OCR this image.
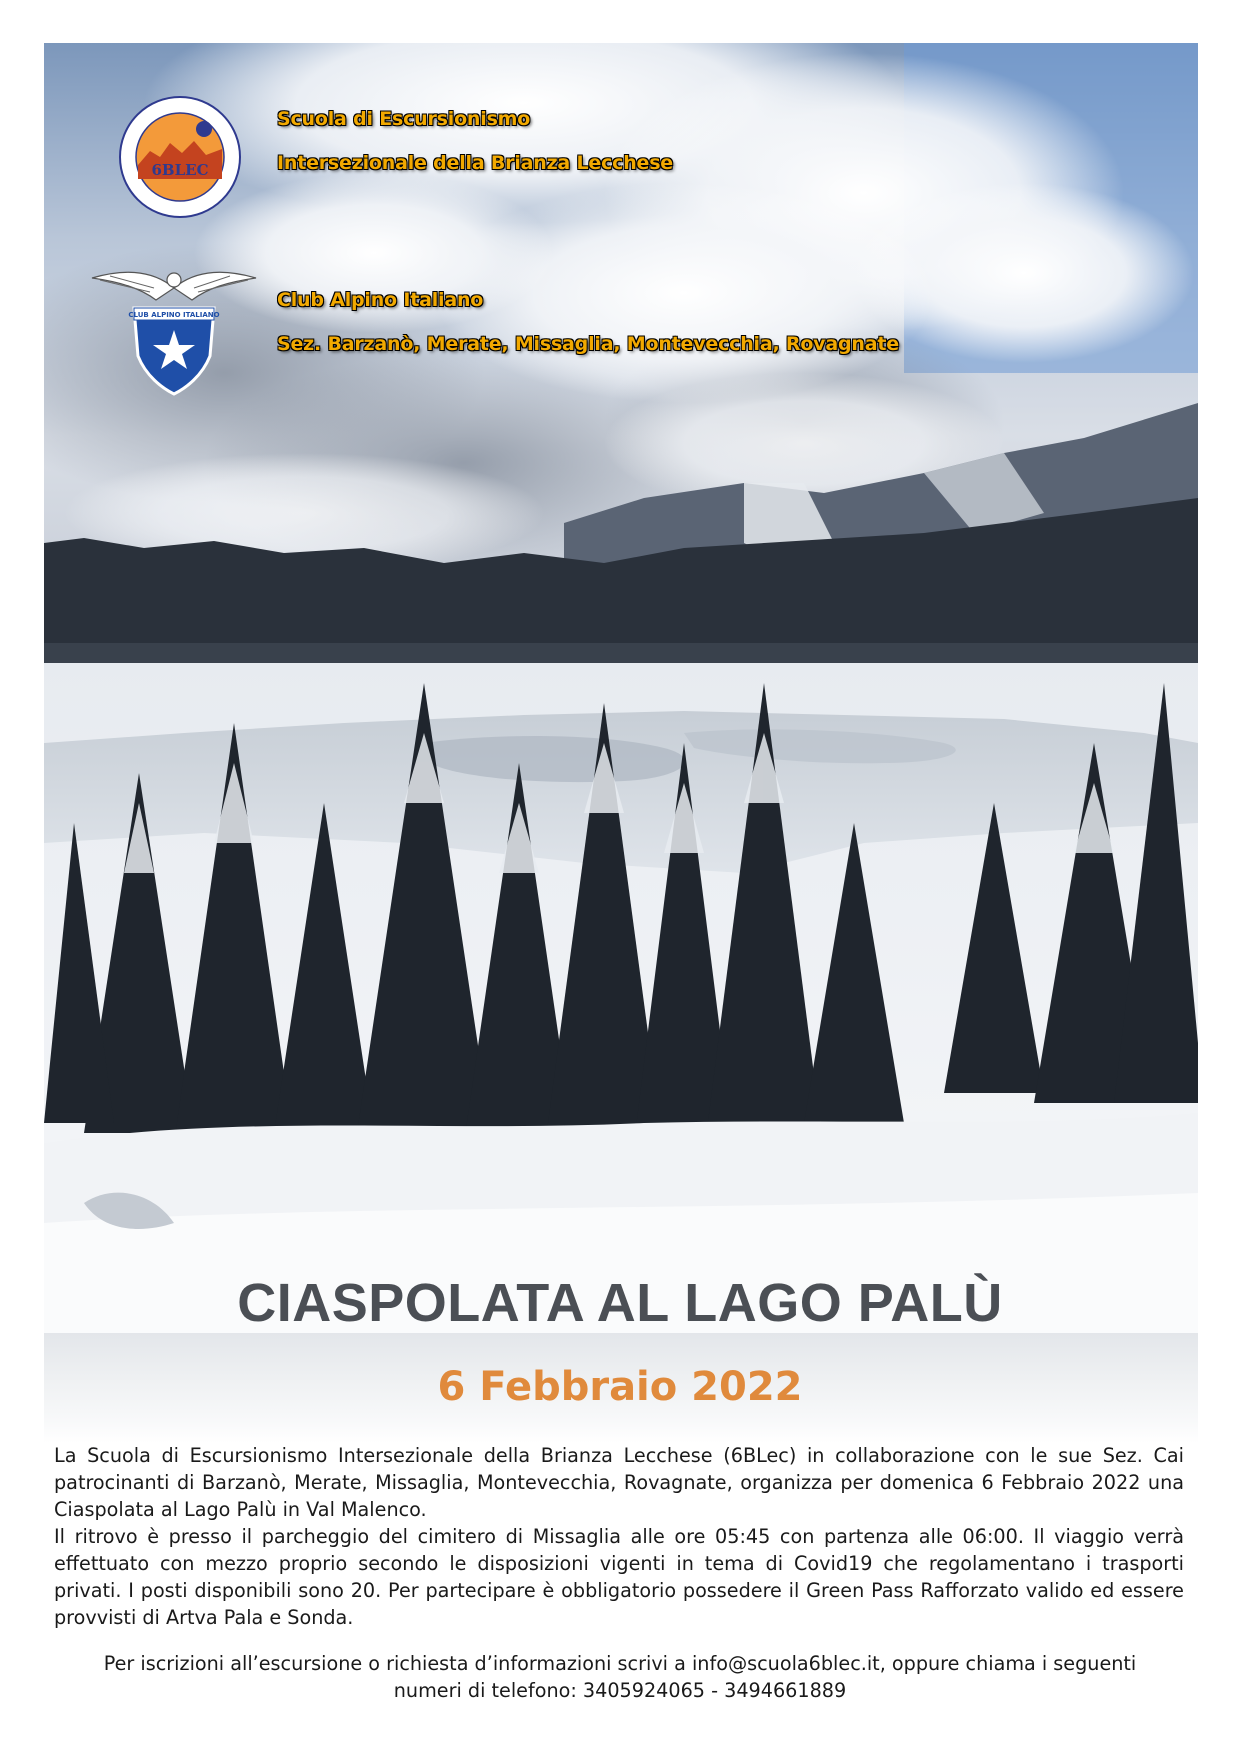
6BLEC
CLUB ALPINO ITALIANO
Scuola di Escursionismo
Intersezionale della Brianza Lecchese
Club Alpino Italiano
Sez. Barzanò, Merate, Missaglia, Montevecchia, Rovagnate
CIASPOLATA AL LAGO PALÙ
6 Febbraio 2022

La Scuola di Escursionismo Intersezionale della Brianza Lecchese (6BLec) in collaborazione con le sue Sez. Cai patrocinanti di Barzanò, Merate, Missaglia, Montevecchia, Rovagnate, organizza per domenica 6 Febbraio 2022 una Ciaspolata al Lago Palù in Val Malenco.

Il ritrovo è presso il parcheggio del cimitero di Missaglia alle ore 05:45 con partenza alle 06:00. Il viaggio verrà effettuato con mezzo proprio secondo le disposizioni vigenti in tema di Covid19 che regolamentano i trasporti privati. I posti disponibili sono 20. Per partecipare è obbligatorio possedere il Green Pass Rafforzato valido ed essere provvisti di Artva Pala e Sonda.

Per iscrizioni all’escursione o richiesta d’informazioni scrivi a info@scuola6blec.it, oppure chiama i seguenti
numeri di telefono: 3405924065 - 3494661889
